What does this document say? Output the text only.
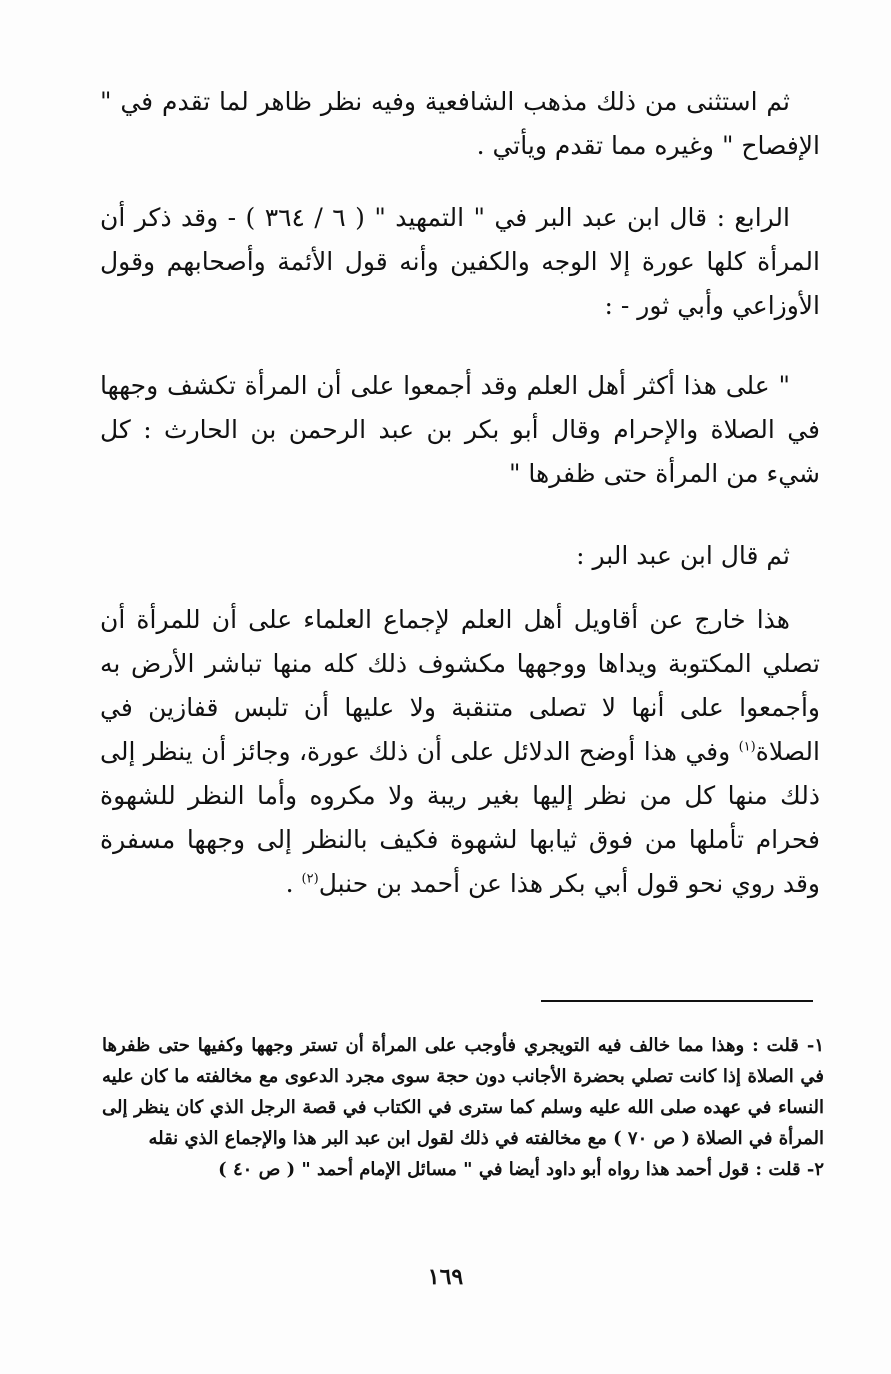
ثم استثنى من ذلك مذهب الشافعية وفيه نظر ظاهر لما تقدم في " الإفصاح " وغيره مما تقدم ويأتي .

الرابع : قال ابن عبد البر في " التمهيد " ( ٦ / ٣٦٤ ) - وقد ذكر أن المرأة كلها عورة إلا الوجه والكفين وأنه قول الأئمة وأصحابهم وقول الأوزاعي وأبي ثور - :

" على هذا أكثر أهل العلم وقد أجمعوا على أن المرأة تكشف وجهها في الصلاة والإحرام وقال أبو بكر بن عبد الرحمن بن الحارث : كل شيء من المرأة حتى ظفرها "

ثم قال ابن عبد البر :

هذا خارج عن أقاويل أهل العلم لإجماع العلماء على أن للمرأة أن تصلي المكتوبة ويداها ووجهها مكشوف ذلك كله منها تباشر الأرض به وأجمعوا على أنها لا تصلى متنقبة ولا عليها أن تلبس قفازين في الصلاة$^{(١)}$ وفي هذا أوضح الدلائل على أن ذلك عورة، وجائز أن ينظر إلى ذلك منها كل من نظر إليها بغير ريبة ولا مكروه وأما النظر للشهوة فحرام تأملها من فوق ثيابها لشهوة فكيف بالنظر إلى وجهها مسفرة وقد روي نحو قول أبي بكر هذا عن أحمد بن حنبل$^{(٢)}$ .

١- قلت : وهذا مما خالف فيه التويجري فأوجب على المرأة أن تستر وجهها وكفيها حتى ظفرها في الصلاة إذا كانت تصلي بحضرة الأجانب دون حجة سوى مجرد الدعوى مع مخالفته ما كان عليه النساء في عهده صلى الله عليه وسلم كما سترى في الكتاب في قصة الرجل الذي كان ينظر إلى المرأة في الصلاة ( ص ٧٠ ) مع مخالفته في ذلك لقول ابن عبد البر هذا والإجماع الذي نقله
٢- قلت : قول أحمد هذا رواه أبو داود أيضا في " مسائل الإمام أحمد " ( ص ٤٠ )
١٦٩
